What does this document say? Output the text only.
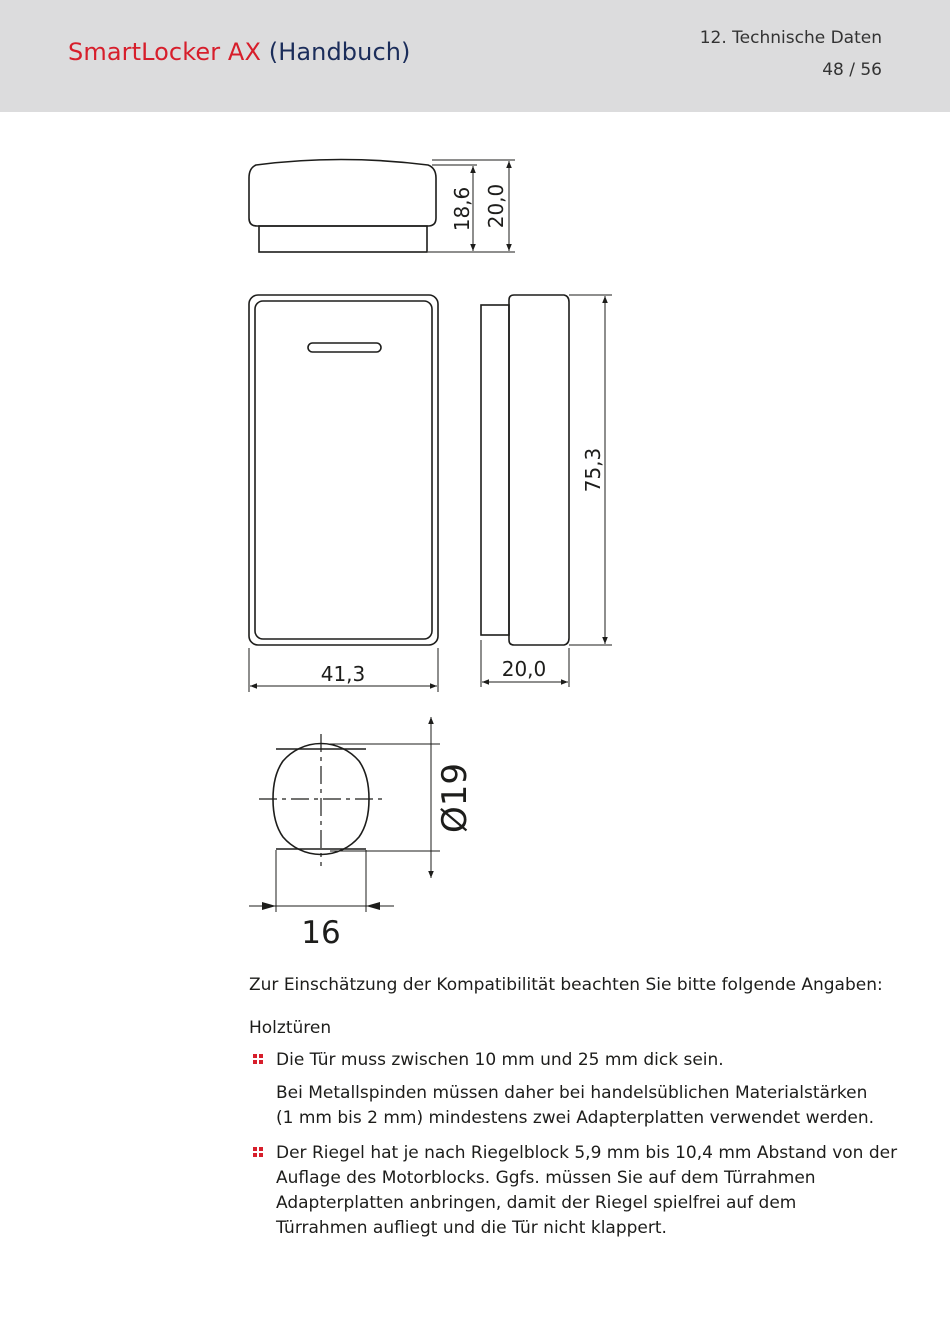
SmartLocker AX (Handbuch)	12. Technische Daten
48 / 56
18,6 20,0
75,3
41,3	20,0
Ø19
16
Zur Einschätzung der Kompatibilität beachten Sie bitte folgende Angaben:
Holztüren
Die Tür muss zwischen 10 mm und 25 mm dick sein.
Bei Metallspinden müssen daher bei handelsüblichen Materialstärken
(1 mm bis 2 mm) mindestens zwei Adapterplatten verwendet werden.
Der Riegel hat je nach Riegelblock 5,9 mm bis 10,4 mm Abstand von der
Auflage des Motorblocks. Ggfs. müssen Sie auf dem Türrahmen
Adapterplatten anbringen, damit der Riegel spielfrei auf dem
Türrahmen aufliegt und die Tür nicht klappert.
